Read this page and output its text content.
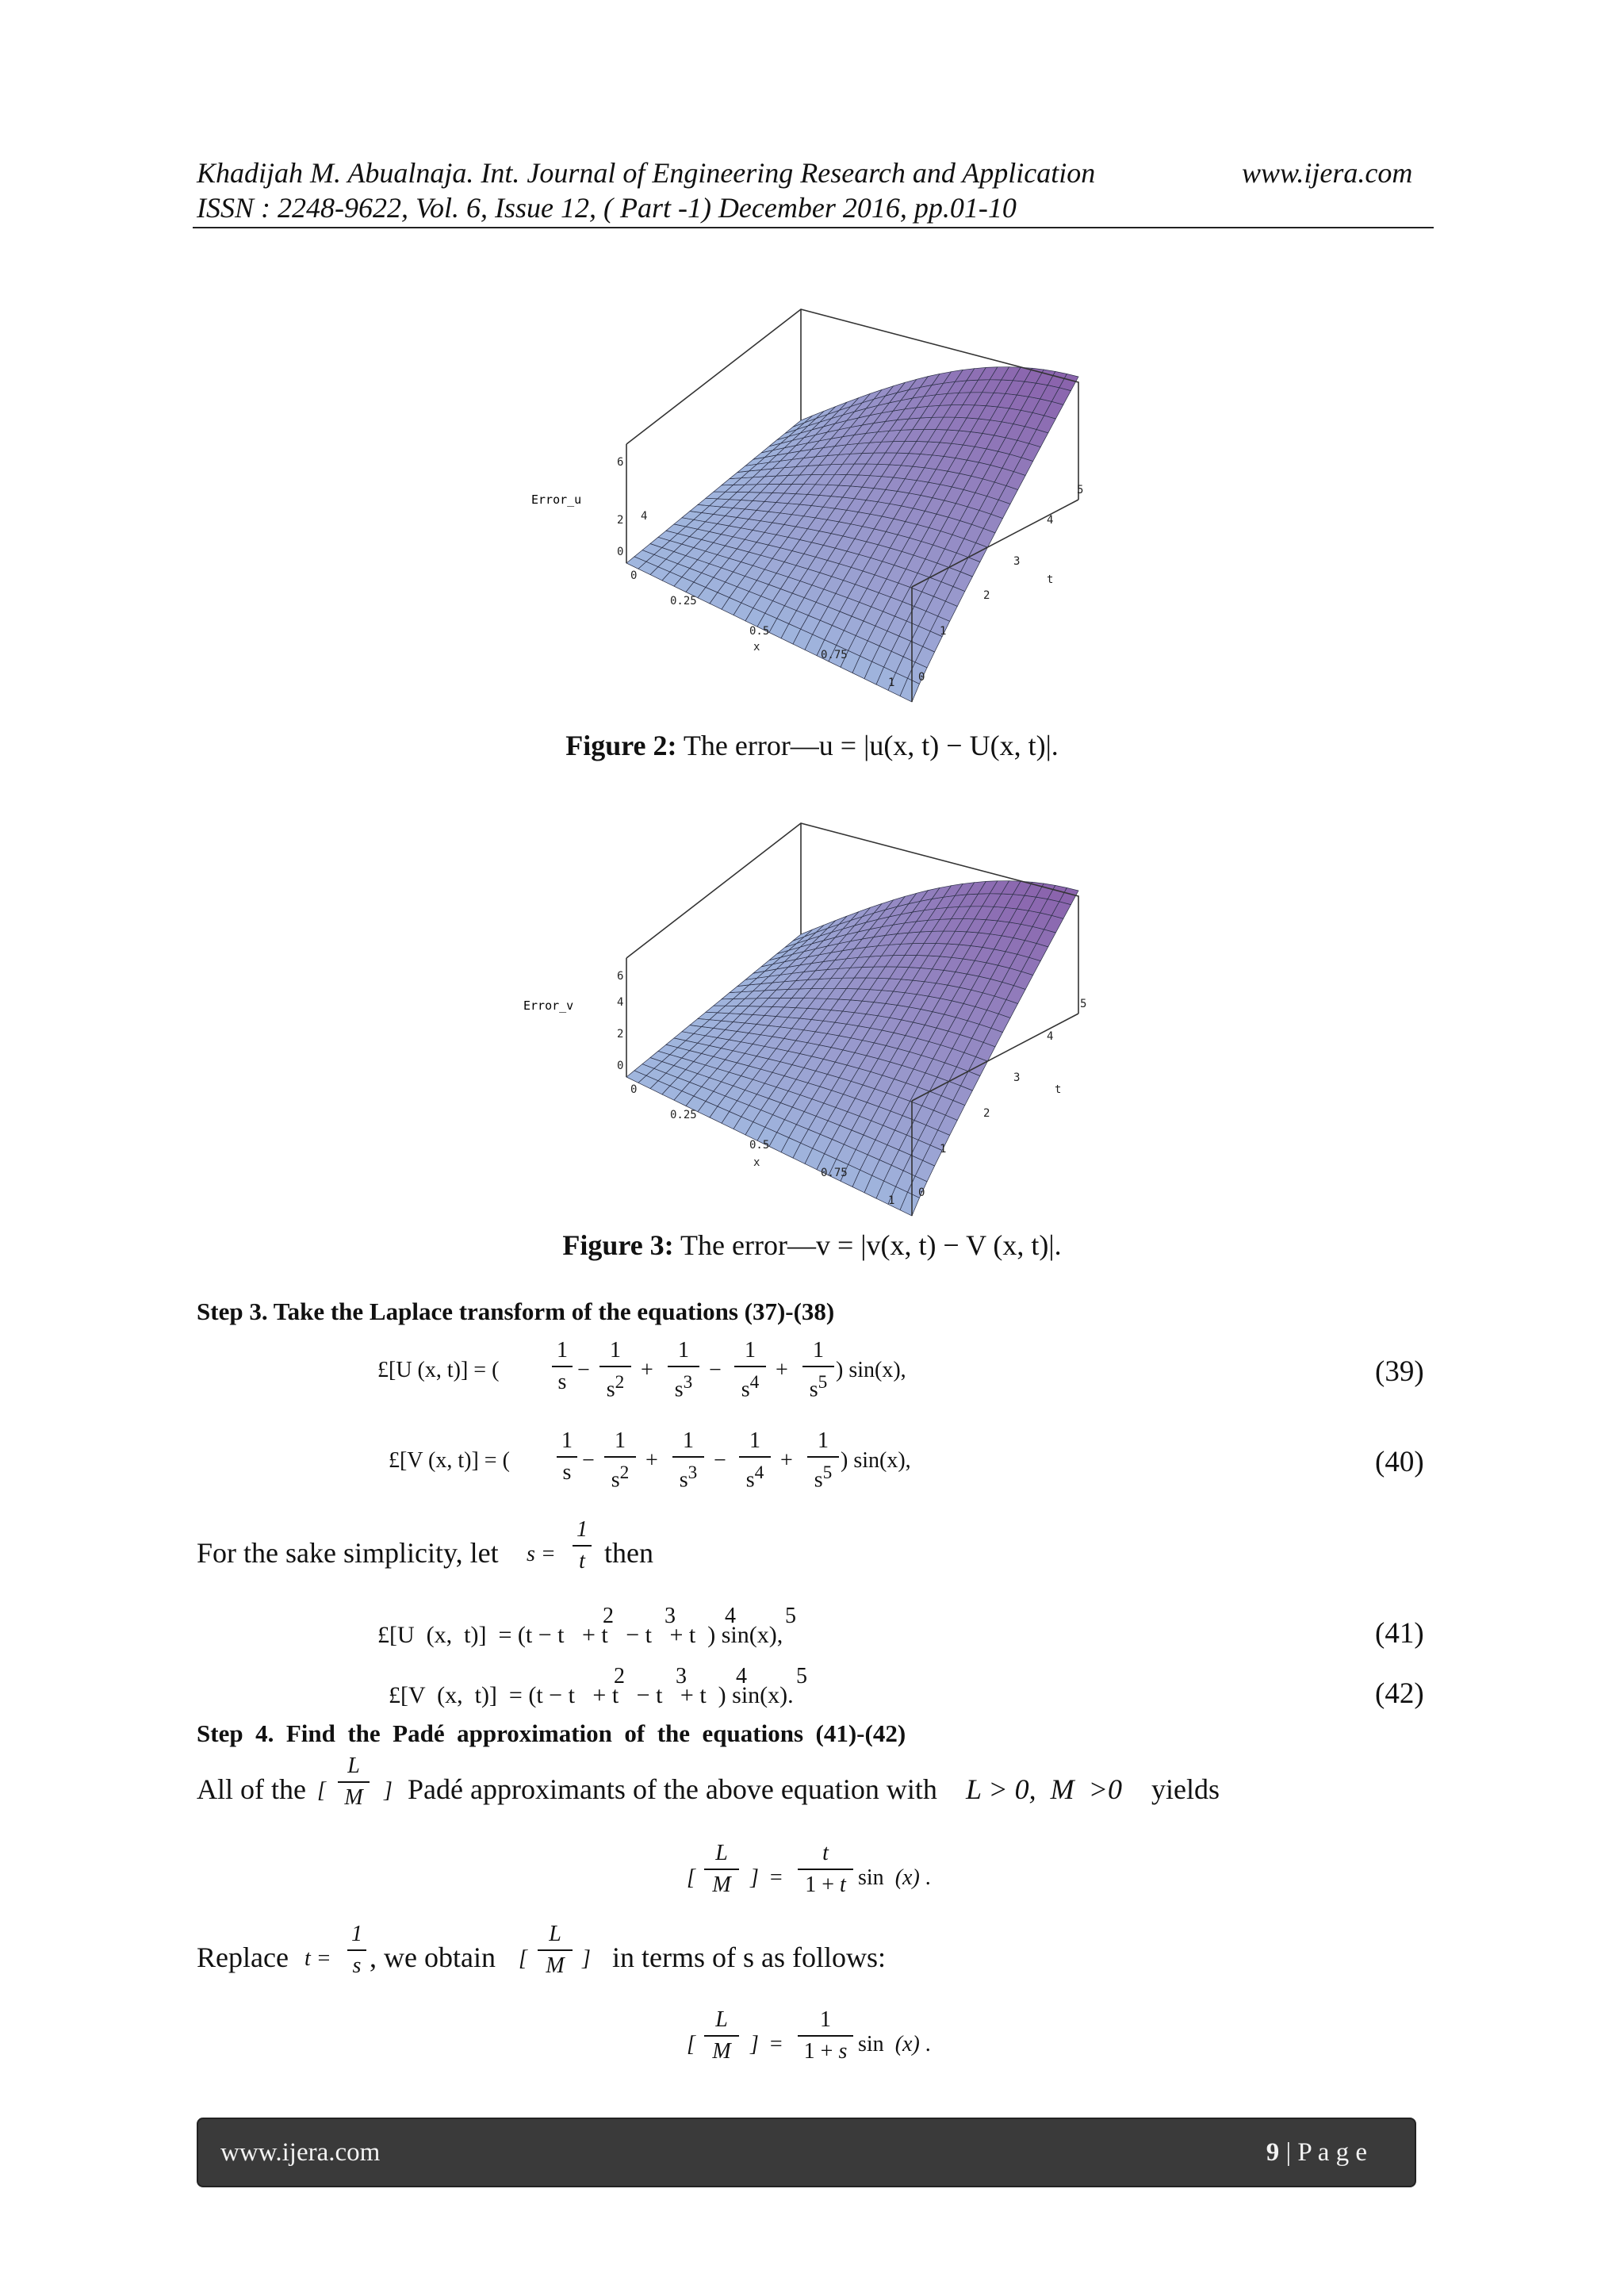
Khadijah M. Abualnaja. Int. Journal of Engineering Research and Application
ISSN : 2248-9622, Vol. 6, Issue 12, ( Part -1) December 2016, pp.01-10
www.ijera.com
Error_u
0
2 4
6
0
0.25
0.5
0.75
1
x
0
1
2
3
4
5
t
Figure 2: The error—u = |u(x, t) − U(x, t)|.
Error_v
0
2
4
6
0
0.25
0.5
0.75
1
x
0
1
2
3
4
5
t
Figure 3: The error—v = |v(x, t) − V (x, t)|.
Step 3. Take the Laplace transform of the equations (37)-(38)
£[U (x, t)] = (
1
s −
1
$s^2$ +
1
$s^3$ −
1
$s^4$ +
1
$s^5$ ) sin(x),	(39)
£[V (x, t)] = (
1
s −
1
$s^2$ +
1
$s^3$ −
1
$s^4$ +
1
$s^5$ ) sin(x),	(40)
For the sake simplicity, let s =
1
t then
£[U  (x,  t)]  = (t − t   + t   − t   + t  ) sin(x),
2 3 4 5
(41)
£[V  (x,  t)]  = (t − t   + t   − t   + t  ) sin(x).
2 3 4 5
(42)
Step  4.  Find  the  Padé  approximation  of  the  equations  (41)-(42)
All of the [
L
M ] Padé approximants of the above equation with L > 0,  M  >0 yields
[
L
M ]  =
t
1 + t sin  (x) .
Replace t =
1
s , we obtain [
L
M ] in terms of s as follows:
[
L
M ]  =
1
1 + s sin  (x) .
www.ijera.com	9 | P a g e
